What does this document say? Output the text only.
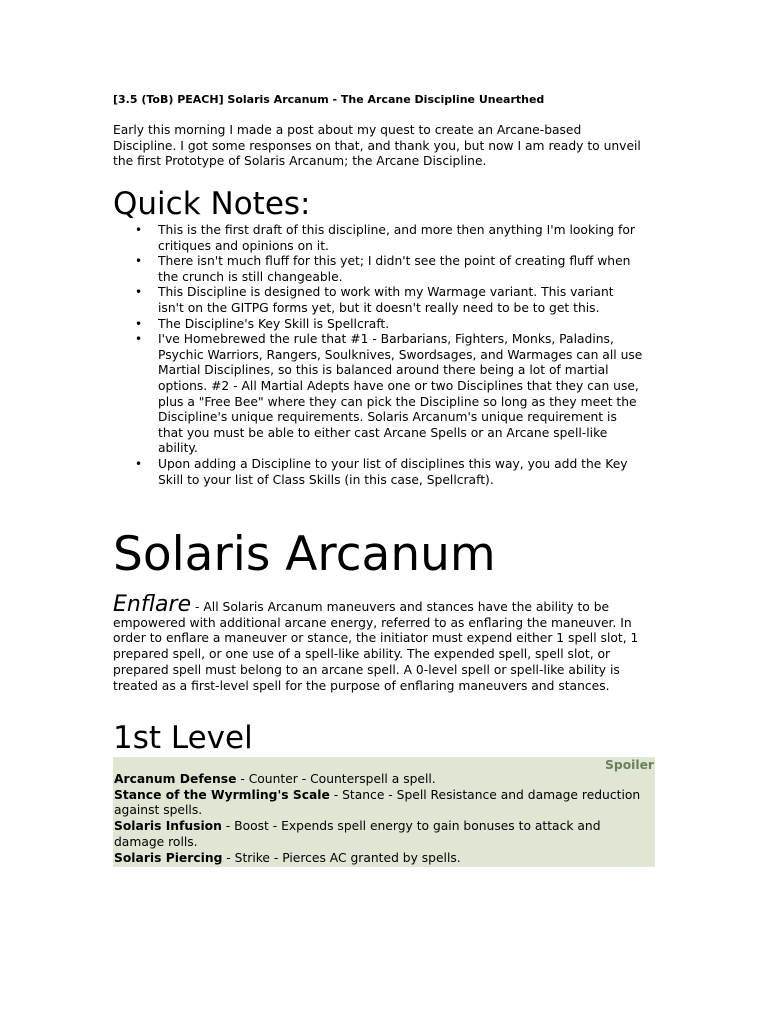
[3.5 (ToB) PEACH] Solaris Arcanum - The Arcane Discipline Unearthed

Early this morning I made a post about my quest to create an Arcane-based Discipline. I got some responses on that, and thank you, but now I am ready to unveil the first Prototype of Solaris Arcanum; the Arcane Discipline.

Quick Notes:
• This is the first draft of this discipline, and more then anything I'm looking for critiques and opinions on it.
• There isn't much fluff for this yet; I didn't see the point of creating fluff when the crunch is still changeable.
• This Discipline is designed to work with my Warmage variant. This variant isn't on the GITPG forms yet, but it doesn't really need to be to get this.
• The Discipline's Key Skill is Spellcraft.
• I've Homebrewed the rule that #1 - Barbarians, Fighters, Monks, Paladins, Psychic Warriors, Rangers, Soulknives, Swordsages, and Warmages can all use Martial Disciplines, so this is balanced around there being a lot of martial options. #2 - All Martial Adepts have one or two Disciplines that they can use, plus a "Free Bee" where they can pick the Discipline so long as they meet the Discipline's unique requirements. Solaris Arcanum's unique requirement is that you must be able to either cast Arcane Spells or an Arcane spell-like ability.
• Upon adding a Discipline to your list of disciplines this way, you add the Key Skill to your list of Class Skills (in this case, Spellcraft).
Solaris Arcanum

Enflare - All Solaris Arcanum maneuvers and stances have the ability to be empowered with additional arcane energy, referred to as enflaring the maneuver. In order to enflare a maneuver or stance, the initiator must expend either 1 spell slot, 1 prepared spell, or one use of a spell-like ability. The expended spell, spell slot, or prepared spell must belong to an arcane spell. A 0-level spell or spell-like ability is treated as a first-level spell for the purpose of enflaring maneuvers and stances.

1st Level
Spoiler
Arcanum Defense - Counter - Counterspell a spell.
Stance of the Wyrmling's Scale - Stance - Spell Resistance and damage reduction against spells.
Solaris Infusion - Boost - Expends spell energy to gain bonuses to attack and damage rolls.
Solaris Piercing - Strike - Pierces AC granted by spells.
